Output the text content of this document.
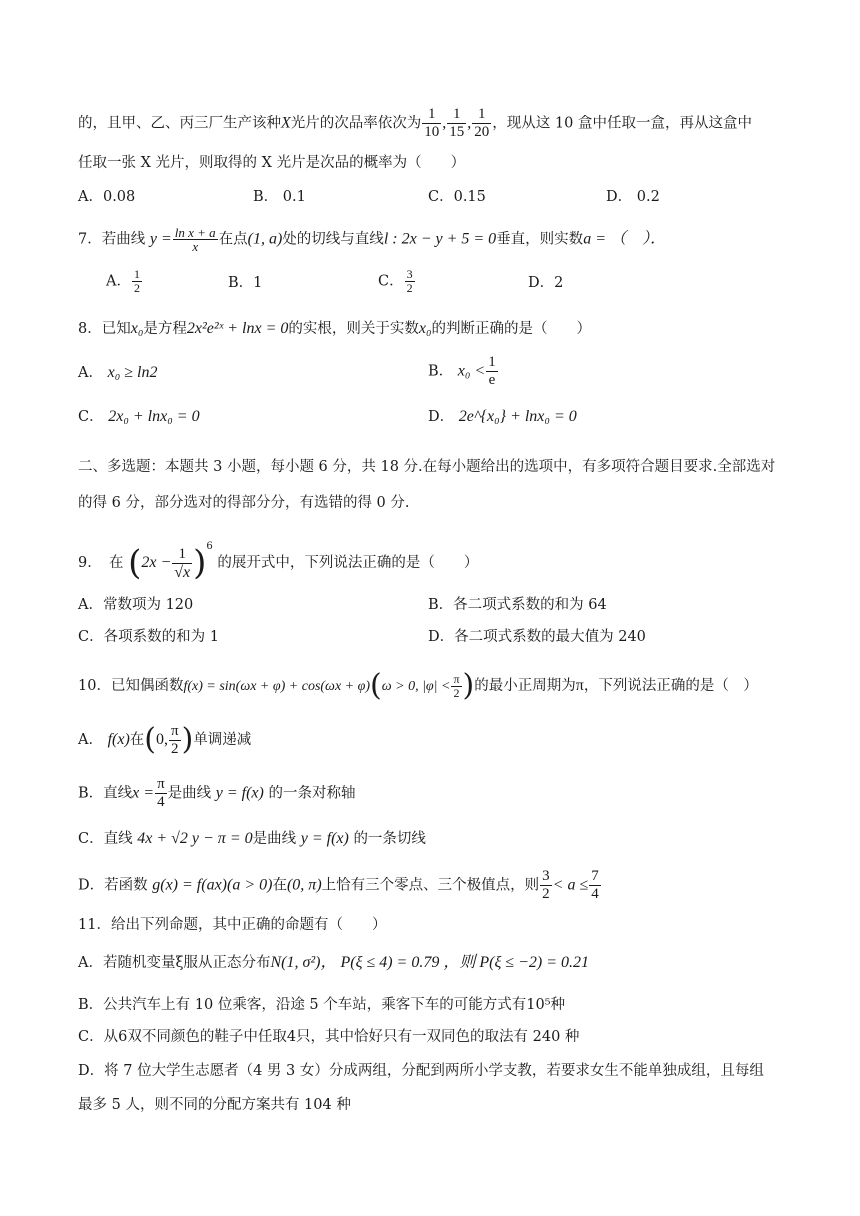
的，且甲、乙、丙三厂生产该种X光片的次品率依次为 $\frac{1}{10}$ , $\frac{1}{15}$ , $\frac{1}{20}$ ，现从这 10 盒中任取一盒，再从这盒中
任取一张 X 光片，则取得的 X 光片是次品的概率为（　　）
A．0.08	B． 0.1	C．0.15	D． 0.2
7．若曲线 $y = \frac{\text{ln x + a}}{x}$ 在点(1, a)处的切线与直线l : 2x − y + 5 = 0垂直，则实数a = （　）．
A． $\frac{1}{2}$	B．1	C． $\frac{3}{2}$	D．2
8．已知x₀是方程2x²e²ˣ + lnx = 0的实根，则关于实数x₀的判断正确的是（　　）
A． x₀ ≥ ln2	B． $x_0 < \frac{1}{e}$
C． 2x₀ + lnx₀ = 0	D． 2e^{x₀} + lnx₀ = 0
二、多选题：本题共 3 小题，每小题 6 分，共 18 分.在每小题给出的选项中，有多项符合题目要求.全部选对
的得 6 分，部分选对的得部分分，有选错的得 0 分.
9．　在 $(2x - \frac{1}{√x} )^6$ 的展开式中，下列说法正确的是（　　）
A．常数项为 120	B．各二项式系数的和为 64
C．各项系数的和为 1	D．各二项式系数的最大值为 240
10．已知偶函数f(x) = sin(ωx + φ) + cos(ωx + φ)(ω > 0, $|\varphi| < \frac{\pi}{2}$ )的最小正周期为π，下列说法正确的是（　）
A． f(x)在(0, $\frac{\pi}{2}$ )单调递减
B．直线$x = \frac{\pi}{4}$ 是曲线 y = f(x) 的一条对称轴
C．直线 4x + √2 y − π = 0是曲线 y = f(x) 的一条切线
D．若函数 g(x) = f(ax)(a > 0)在(0, π)上恰有三个零点、三个极值点，则 $\frac{3}{2} < a \le \frac{7}{4}$
11．给出下列命题，其中正确的命题有（　　）
A．若随机变量ξ服从正态分布N(1, σ²)， P(ξ ≤ 4) = 0.79 ，则 P(ξ ≤ −2) = 0.21
B．公共汽车上有 10 位乘客，沿途 5 个车站，乘客下车的可能方式有10⁵种
C．从6双不同颜色的鞋子中任取4只，其中恰好只有一双同色的取法有 240 种
D．将 7 位大学生志愿者（4 男 3 女）分成两组，分配到两所小学支教，若要求女生不能单独成组，且每组
最多 5 人，则不同的分配方案共有 104 种
